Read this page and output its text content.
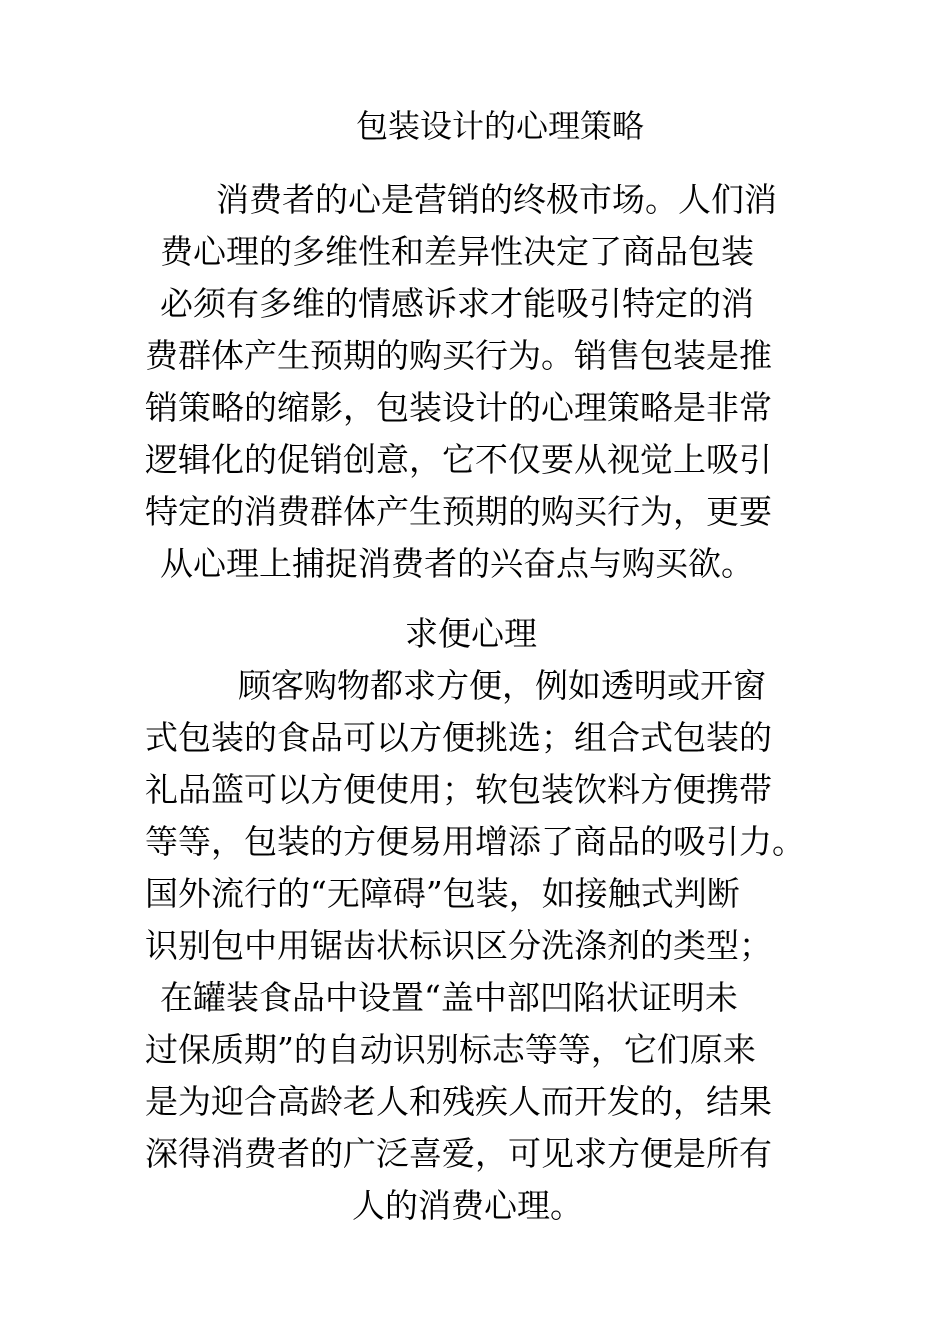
包装设计的心理策略

消费者的心是营销的终极市场。人们消

费心理的多维性和差异性决定了商品包装

必须有多维的情感诉求才能吸引特定的消

费群体产生预期的购买行为。销售包装是推

销策略的缩影，包装设计的心理策略是非常

逻辑化的促销创意，它不仅要从视觉上吸引

特定的消费群体产生预期的购买行为，更要

从心理上捕捉消费者的兴奋点与购买欲。

求便心理

顾客购物都求方便，例如透明或开窗

式包装的食品可以方便挑选；组合式包装的

礼品篮可以方便使用；软包装饮料方便携带

等等，包装的方便易用增添了商品的吸引力。

国外流行的“无障碍”包装，如接触式判断

识别包中用锯齿状标识区分洗涤剂的类型；

在罐装食品中设置“盖中部凹陷状证明未

过保质期”的自动识别标志等等，它们原来

是为迎合高龄老人和残疾人而开发的，结果

深得消费者的广泛喜爱，可见求方便是所有

人的消费心理。
